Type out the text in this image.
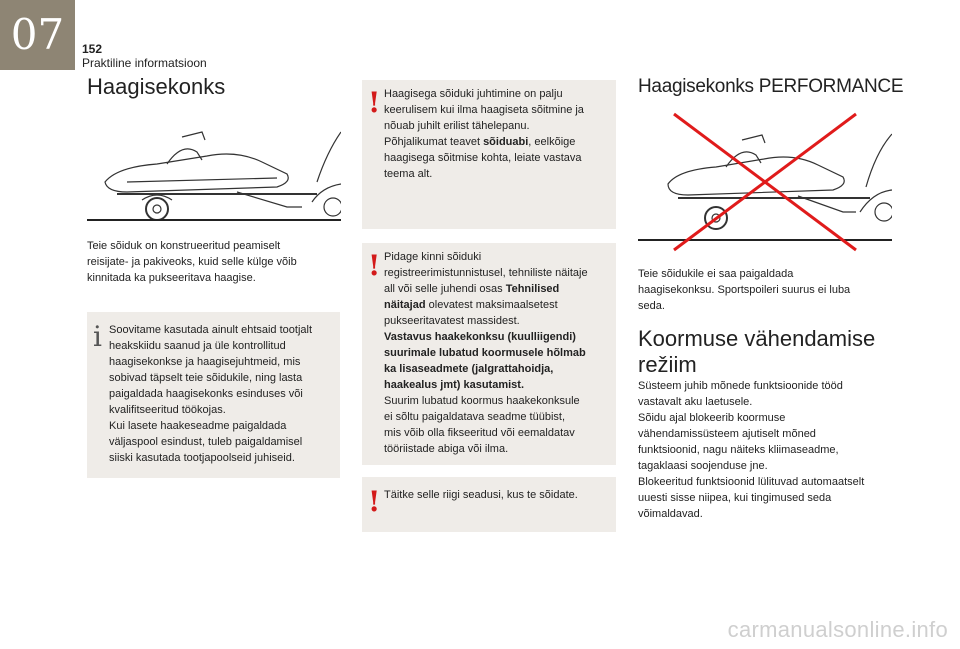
07	152
Praktiline informatsioon
Haagisekonks

Teie sõiduk on konstrueeritud peamiselt
reisijate- ja pakiveoks, kuid selle külge võib
kinnitada ka pukseeritava haagise.

i Soovitame kasutada ainult ehtsaid tootjalt
heakskiidu saanud ja üle kontrollitud
haagisekonkse ja haagisejuhtmeid, mis
sobivad täpselt teie sõidukile, ning lasta
paigaldada haagisekonks esinduses või
kvalifitseeritud töökojas.
Kui lasete haakeseadme paigaldada
väljaspool esindust, tuleb paigaldamisel
siiski kasutada tootjapoolseid juhiseid.

! Haagisega sõiduki juhtimine on palju
keerulisem kui ilma haagiseta sõitmine ja
nõuab juhilt erilist tähelepanu.
Põhjalikumat teavet sõiduabi, eelkõige
haagisega sõitmise kohta, leiate vastava
teema alt.

! Pidage kinni sõiduki
registreerimistunnistusel, tehniliste näitaje
all või selle juhendi osas Tehnilised
näitajad olevatest maksimaalsetest
pukseeritavatest massidest.
Vastavus haakekonksu (kuulliigendi)
suurimale lubatud koormusele hõlmab
ka lisaseadmete (jalgrattahoidja,
haakealus jmt) kasutamist.
Suurim lubatud koormus haakekonksule
ei sõltu paigaldatava seadme tüübist,
mis võib olla fikseeritud või eemaldatav
tööriistade abiga või ilma.

! Täitke selle riigi seadusi, kus te sõidate.

Haagisekonks PERFORMANCE

Teie sõidukile ei saa paigaldada
haagisekonksu. Sportspoileri suurus ei luba
seda.

Koormuse vähendamise
režiim

Süsteem juhib mõnede funktsioonide tööd
vastavalt aku laetusele.
Sõidu ajal blokeerib koormuse
vähendamissüsteem ajutiselt mõned
funktsioonid, nagu näiteks kliimaseadme,
tagaklaasi soojenduse jne.
Blokeeritud funktsioonid lülituvad automaatselt
uuesti sisse niipea, kui tingimused seda
võimaldavad.

carmanualsonline.info
